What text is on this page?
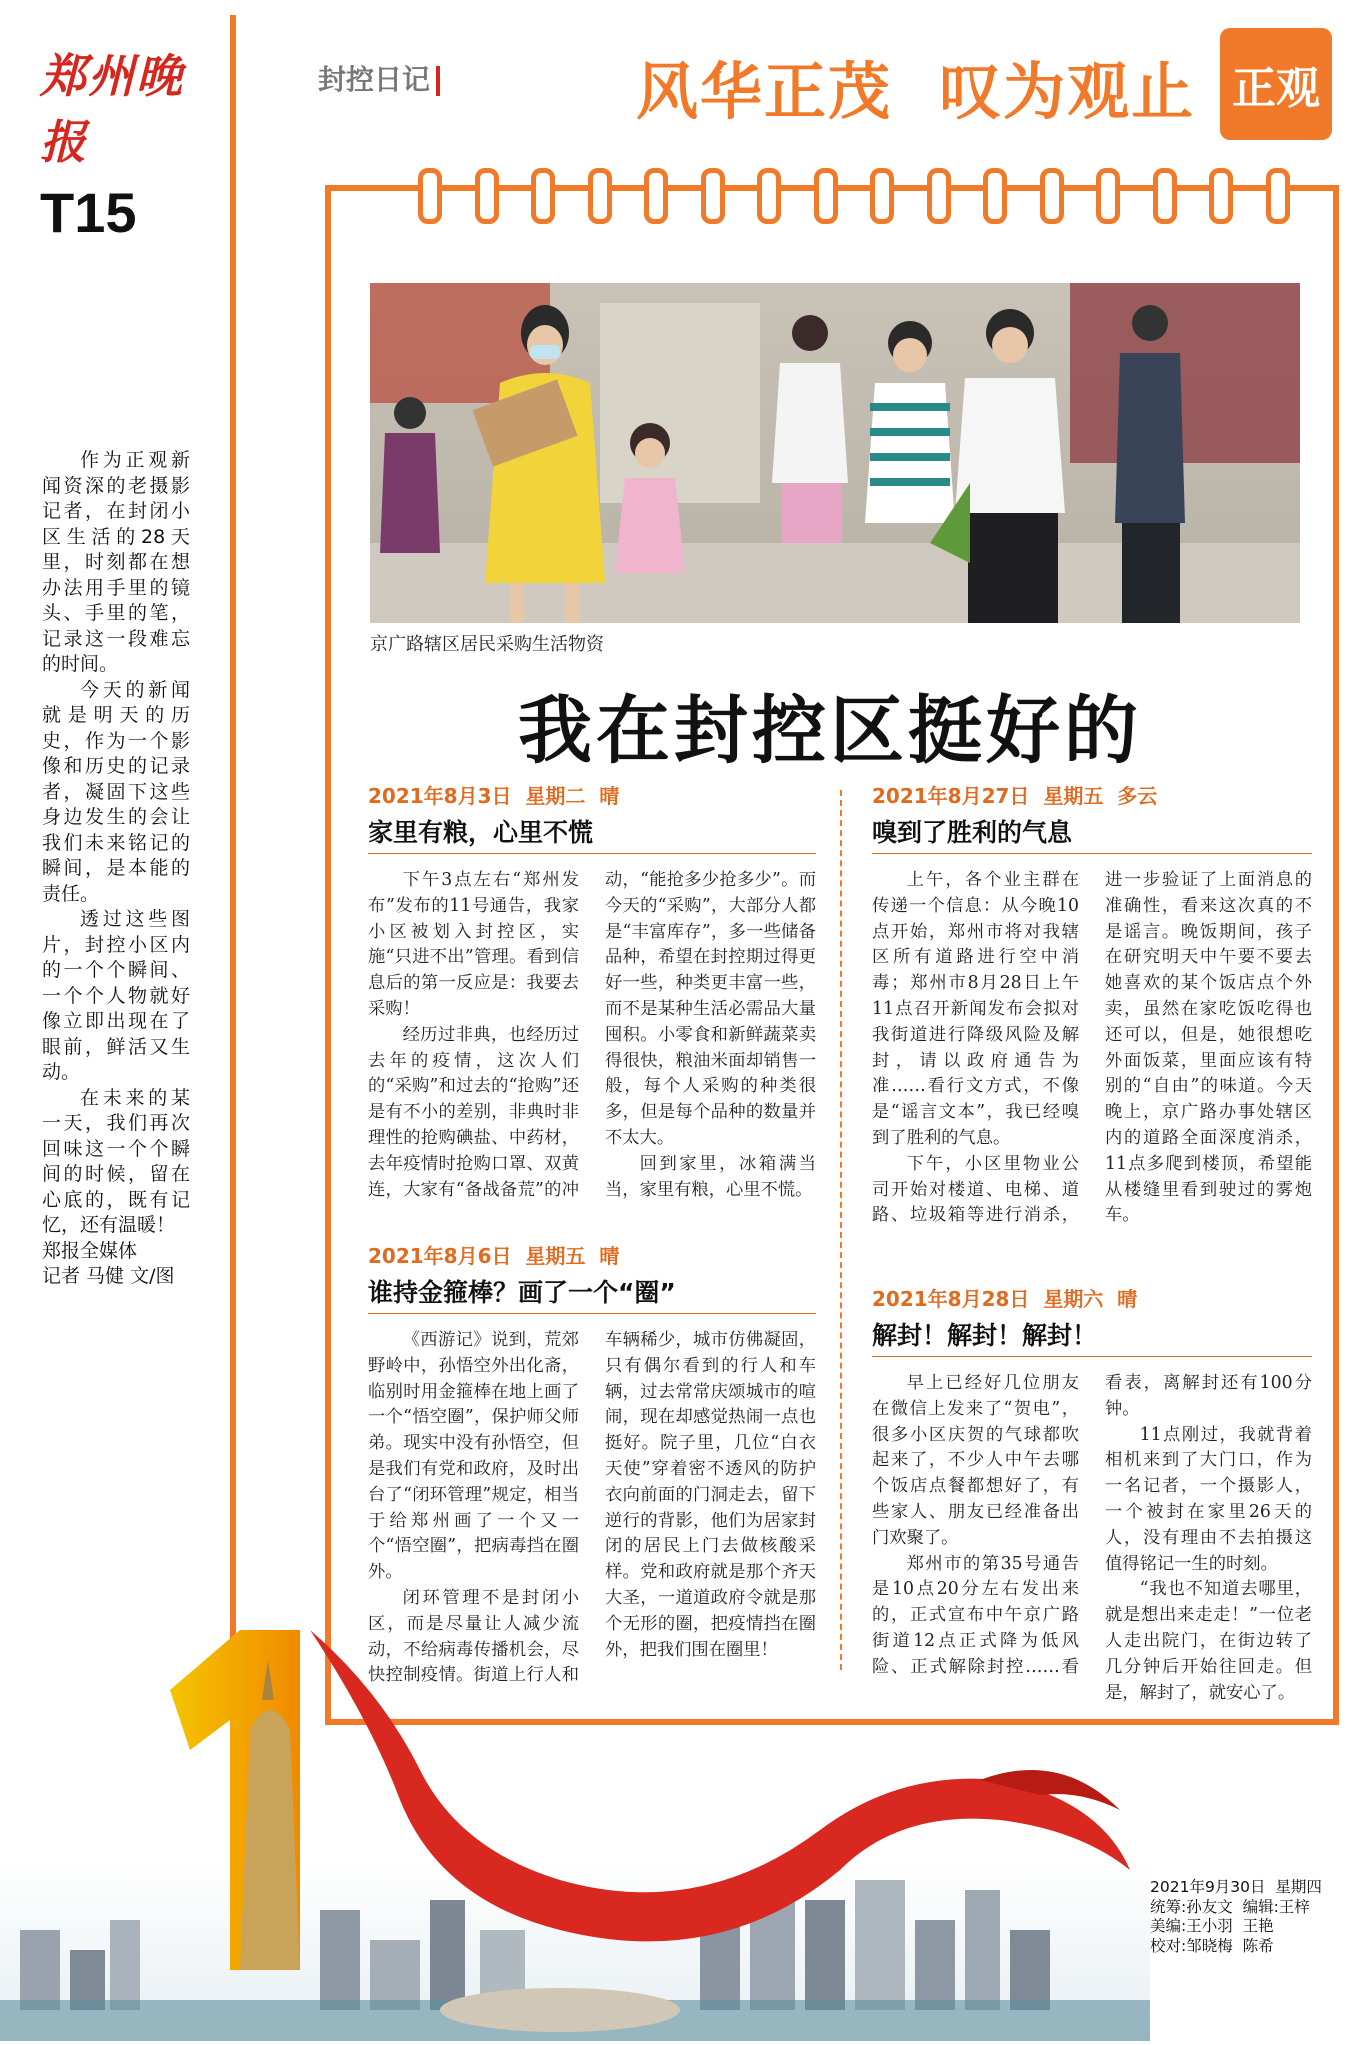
郑州晚报
T15

作为正观新闻资深的老摄影记者，在封闭小区生活的28天里，时刻都在想办法用手里的镜头、手里的笔，记录这一段难忘的时间。

今天的新闻就是明天的历史，作为一个影像和历史的记录者，凝固下这些身边发生的会让我们未来铭记的瞬间，是本能的责任。

透过这些图片，封控小区内的一个个瞬间、一个个人物就好像立即出现在了眼前，鲜活又生动。

在未来的某一天，我们再次回味这一个个瞬间的时候，留在心底的，既有记忆，还有温暖！

郑报全媒体

记者 马健 文/图

封控日记	风华正茂  叹为观止 正观
京广路辖区居民采购生活物资
我在封控区挺好的
2021年8月3日  星期二  晴
家里有粮，心里不慌

下午3点左右“郑州发布”发布的11号通告，我家小区被划入封控区，实施“只进不出”管理。看到信息后的第一反应是：我要去采购！

经历过非典，也经历过去年的疫情，这次人们的“采购”和过去的“抢购”还是有不小的差别，非典时非理性的抢购碘盐、中药材，去年疫情时抢购口罩、双黄连，大家有“备战备荒”的冲动，“能抢多少抢多少”。而今天的“采购”，大部分人都是“丰富库存”，多一些储备品种，希望在封控期过得更好一些，种类更丰富一些，而不是某种生活必需品大量囤积。小零食和新鲜蔬菜卖得很快，粮油米面却销售一般，每个人采购的种类很多，但是每个品种的数量并不太大。

回到家里，冰箱满当当，家里有粮，心里不慌。

2021年8月6日  星期五  晴
谁持金箍棒？画了一个“圈”

《西游记》说到，荒郊野岭中，孙悟空外出化斋，临别时用金箍棒在地上画了一个“悟空圈”，保护师父师弟。现实中没有孙悟空，但是我们有党和政府，及时出台了“闭环管理”规定，相当于给郑州画了一个又一个“悟空圈”，把病毒挡在圈外。

闭环管理不是封闭小区，而是尽量让人减少流动，不给病毒传播机会，尽快控制疫情。街道上行人和车辆稀少，城市仿佛凝固，只有偶尔看到的行人和车辆，过去常常庆颂城市的喧闹，现在却感觉热闹一点也挺好。院子里，几位“白衣天使”穿着密不透风的防护衣向前面的门洞走去，留下逆行的背影，他们为居家封闭的居民上门去做核酸采样。党和政府就是那个齐天大圣，一道道政府令就是那个无形的圈，把疫情挡在圈外，把我们围在圈里！

2021年8月27日  星期五  多云
嗅到了胜利的气息

上午，各个业主群在传递一个信息：从今晚10点开始，郑州市将对我辖区所有道路进行空中消毒；郑州市8月28日上午11点召开新闻发布会拟对我街道进行降级风险及解封，请以政府通告为准……看行文方式，不像是“谣言文本”，我已经嗅到了胜利的气息。

下午，小区里物业公司开始对楼道、电梯、道路、垃圾箱等进行消杀，进一步验证了上面消息的准确性，看来这次真的不是谣言。晚饭期间，孩子在研究明天中午要不要去她喜欢的某个饭店点个外卖，虽然在家吃饭吃得也还可以，但是，她很想吃外面饭菜，里面应该有特别的“自由”的味道。今天晚上，京广路办事处辖区内的道路全面深度消杀，11点多爬到楼顶，希望能从楼缝里看到驶过的雾炮车。

2021年8月28日  星期六  晴
解封！解封！解封！

早上已经好几位朋友在微信上发来了“贺电”，很多小区庆贺的气球都吹起来了，不少人中午去哪个饭店点餐都想好了，有些家人、朋友已经准备出门欢聚了。

郑州市的第35号通告是10点20分左右发出来的，正式宣布中午京广路街道12点正式降为低风险、正式解除封控……看看表，离解封还有100分钟。

11点刚过，我就背着相机来到了大门口，作为一名记者，一个摄影人，一个被封在家里26天的人，没有理由不去拍摄这值得铭记一生的时刻。

“我也不知道去哪里，就是想出来走走！”一位老人走出院门，在街边转了几分钟后开始往回走。但是，解封了，就安心了。

2021年9月30日  星期四
统筹:孙友文  编辑:王梓
美编:王小羽  王艳
校对:邹晓梅  陈希
